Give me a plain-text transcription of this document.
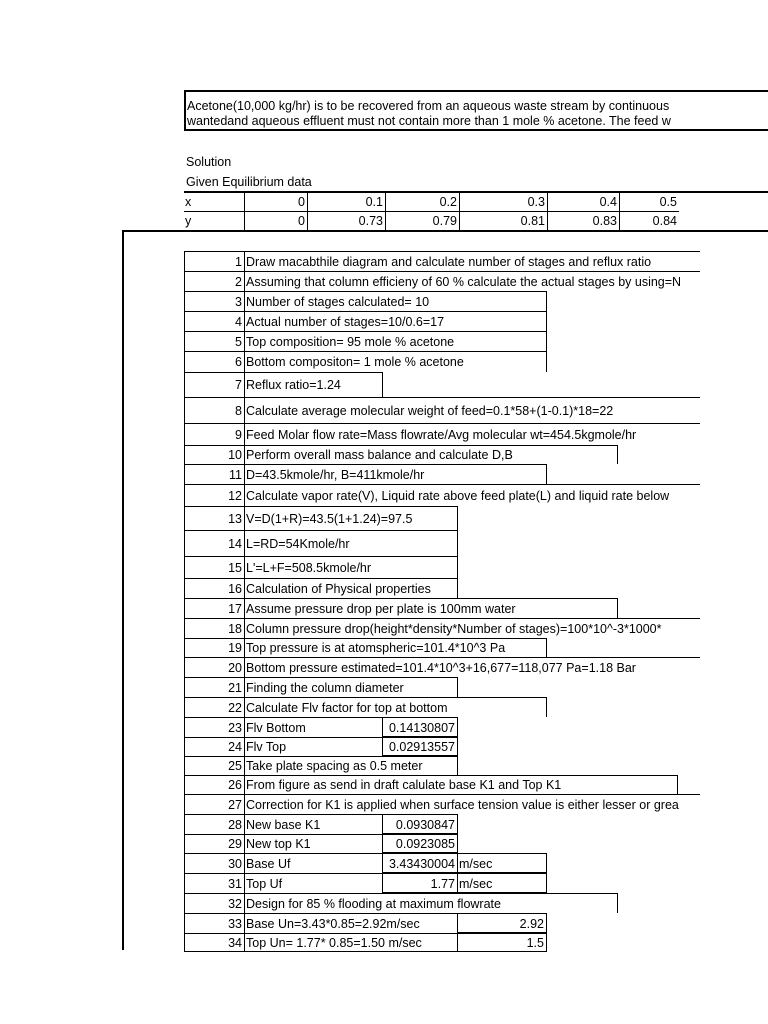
Acetone(10,000 kg/hr) is to be recovered from an aqueous waste stream by continuous
wantedand aqueous effluent must not contain more than 1 mole % acetone. The feed w
Solution
Given Equilibrium data
x	0	0.1	0.2	0.3	0.4	0.5
y	0	0.73	0.79	0.81	0.83	0.84
1 Draw macabthile diagram and calculate number of stages and reflux ratio
2 Assuming that column efficieny of 60 % calculate the actual stages by using=N
3 Number of stages calculated= 10
4 Actual number of stages=10/0.6=17
5 Top composition= 95 mole % acetone
6 Bottom compositon= 1 mole % acetone
7 Reflux ratio=1.24
8 Calculate average molecular weight of feed=0.1*58+(1-0.1)*18=22
9 Feed Molar flow rate=Mass flowrate/Avg molecular wt=454.5kgmole/hr
10 Perform overall mass balance and calculate D,B
11 D=43.5kmole/hr, B=411kmole/hr
12 Calculate vapor rate(V), Liquid rate above feed plate(L) and liquid rate below
13 V=D(1+R)=43.5(1+1.24)=97.5
14 L=RD=54Kmole/hr
15 L'=L+F=508.5kmole/hr
16 Calculation of Physical properties
17 Assume pressure drop per plate is 100mm water
18 Column pressure drop(height*density*Number of stages)=100*10^-3*1000*
19 Top pressure is at atomspheric=101.4*10^3 Pa
20 Bottom pressure estimated=101.4*10^3+16,677=118,077 Pa=1.18 Bar
21 Finding the column diameter
22 Calculate Flv factor for top at bottom
23 Flv Bottom	0.14130807
24 Flv Top	0.02913557
25 Take plate spacing as 0.5 meter
26 From figure as send in draft calulate base K1 and Top K1
27 Correction for K1 is applied when surface tension value is either lesser or grea
28 New base K1	0.0930847
29 New top K1	0.0923085
30 Base Uf	3.43430004 m/sec
31 Top Uf	1.77 m/sec
32 Design for 85 % flooding at maximum flowrate
33 Base Un=3.43*0.85=2.92m/sec	2.92
34 Top Un= 1.77* 0.85=1.50 m/sec	1.5
